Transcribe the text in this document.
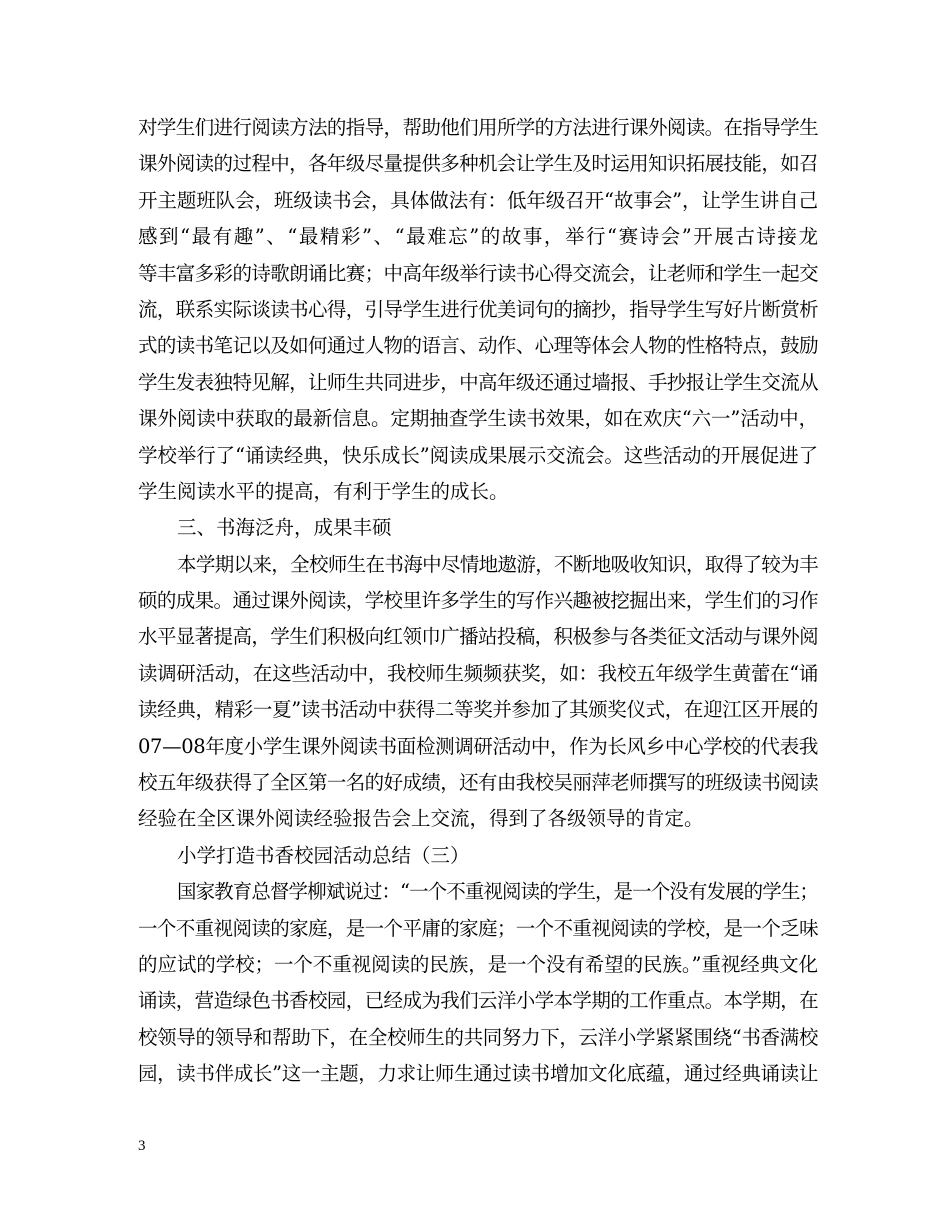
对学生们进行阅读方法的指导，帮助他们用所学的方法进行课外阅读。在指导学生

课外阅读的过程中，各年级尽量提供多种机会让学生及时运用知识拓展技能，如召

开主题班队会，班级读书会，具体做法有：低年级召开“故事会”，让学生讲自己

感到“最有趣”、“最精彩”、“最难忘”的故事，举行“赛诗会”开展古诗接龙

等丰富多彩的诗歌朗诵比赛；中高年级举行读书心得交流会，让老师和学生一起交

流，联系实际谈读书心得，引导学生进行优美词句的摘抄，指导学生写好片断赏析

式的读书笔记以及如何通过人物的语言、动作、心理等体会人物的性格特点，鼓励

学生发表独特见解，让师生共同进步，中高年级还通过墙报、手抄报让学生交流从

课外阅读中获取的最新信息。定期抽查学生读书效果，如在欢庆“六一”活动中，

学校举行了“诵读经典，快乐成长”阅读成果展示交流会。这些活动的开展促进了

学生阅读水平的提高，有利于学生的成长。

三、书海泛舟，成果丰硕

本学期以来，全校师生在书海中尽情地遨游，不断地吸收知识，取得了较为丰

硕的成果。通过课外阅读，学校里许多学生的写作兴趣被挖掘出来，学生们的习作

水平显著提高，学生们积极向红领巾广播站投稿，积极参与各类征文活动与课外阅

读调研活动，在这些活动中，我校师生频频获奖，如：我校五年级学生黄蕾在“诵

读经典，精彩一夏”读书活动中获得二等奖并参加了其颁奖仪式，在迎江区开展的

07—08年度小学生课外阅读书面检测调研活动中，作为长风乡中心学校的代表我

校五年级获得了全区第一名的好成绩，还有由我校吴丽萍老师撰写的班级读书阅读

经验在全区课外阅读经验报告会上交流，得到了各级领导的肯定。

小学打造书香校园活动总结（三）

国家教育总督学柳斌说过：“一个不重视阅读的学生，是一个没有发展的学生；

一个不重视阅读的家庭，是一个平庸的家庭；一个不重视阅读的学校，是一个乏味

的应试的学校；一个不重视阅读的民族，是一个没有希望的民族。”重视经典文化

诵读，营造绿色书香校园，已经成为我们云洋小学本学期的工作重点。本学期，在

校领导的领导和帮助下，在全校师生的共同努力下，云洋小学紧紧围绕“书香满校

园，读书伴成长”这一主题，力求让师生通过读书增加文化底蕴，通过经典诵读让

3
